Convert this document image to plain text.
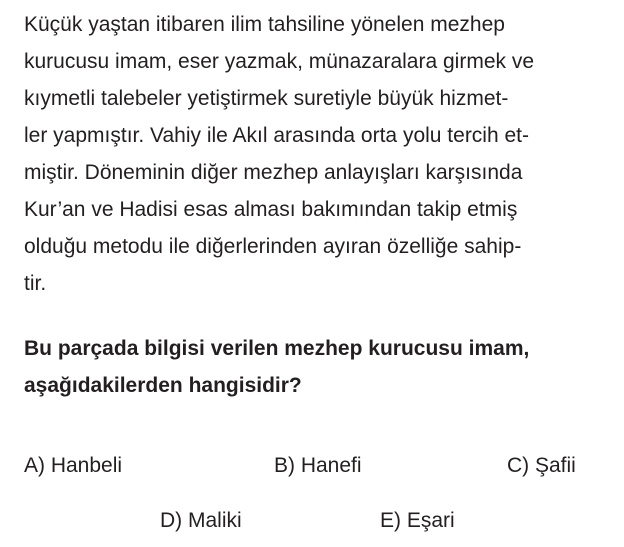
Küçük yaştan itibaren ilim tahsiline yönelen mezhep
kurucusu imam, eser yazmak, münazaralara girmek ve
kıymetli talebeler yetiştirmek suretiyle büyük hizmet-
ler yapmıştır. Vahiy ile Akıl arasında orta yolu tercih et-
miştir. Döneminin diğer mezhep anlayışları karşısında
Kur’an ve Hadisi esas alması bakımından takip etmiş
olduğu metodu ile diğerlerinden ayıran özelliğe sahip-
tir.
Bu parçada bilgisi verilen mezhep kurucusu imam,
aşağıdakilerden hangisidir?
A) Hanbeli	B) Hanefi	C) Şafii
D) Maliki	E) Eşari
